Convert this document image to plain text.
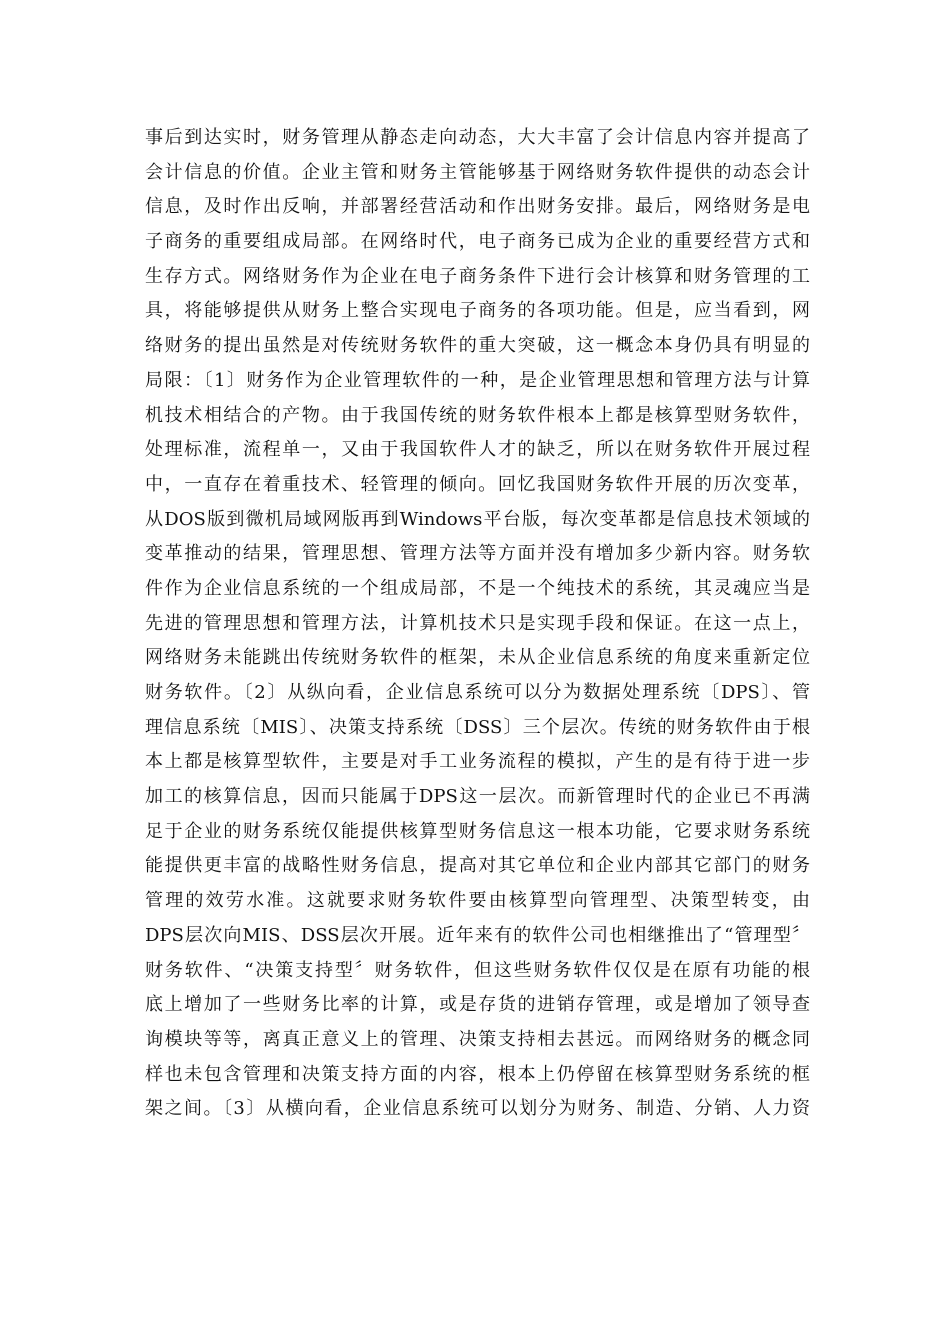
事后到达实时，财务管理从静态走向动态，大大丰富了会计信息内容并提高了
会计信息的价值。企业主管和财务主管能够基于网络财务软件提供的动态会计
信息，及时作出反响，并部署经营活动和作出财务安排。最后，网络财务是电
子商务的重要组成局部。在网络时代，电子商务已成为企业的重要经营方式和
生存方式。网络财务作为企业在电子商务条件下进行会计核算和财务管理的工
具，将能够提供从财务上整合实现电子商务的各项功能。但是，应当看到，网
络财务的提出虽然是对传统财务软件的重大突破，这一概念本身仍具有明显的
局限：〔1〕财务作为企业管理软件的一种，是企业管理思想和管理方法与计算
机技术相结合的产物。由于我国传统的财务软件根本上都是核算型财务软件，
处理标准，流程单一，又由于我国软件人才的缺乏，所以在财务软件开展过程
中，一直存在着重技术、轻管理的倾向。回忆我国财务软件开展的历次变革，
从DOS版到微机局域网版再到Windows平台版，每次变革都是信息技术领域的
变革推动的结果，管理思想、管理方法等方面并没有增加多少新内容。财务软
件作为企业信息系统的一个组成局部，不是一个纯技术的系统，其灵魂应当是
先进的管理思想和管理方法，计算机技术只是实现手段和保证。在这一点上，
网络财务未能跳出传统财务软件的框架，未从企业信息系统的角度来重新定位
财务软件。〔2〕从纵向看，企业信息系统可以分为数据处理系统〔DPS〕、管
理信息系统〔MIS〕、决策支持系统〔DSS〕三个层次。传统的财务软件由于根
本上都是核算型软件，主要是对手工业务流程的模拟，产生的是有待于进一步
加工的核算信息，因而只能属于DPS这一层次。而新管理时代的企业已不再满
足于企业的财务系统仅能提供核算型财务信息这一根本功能，它要求财务系统
能提供更丰富的战略性财务信息，提高对其它单位和企业内部其它部门的财务
管理的效劳水准。这就要求财务软件要由核算型向管理型、决策型转变，由
DPS层次向MIS、DSS层次开展。近年来有的软件公司也相继推出了“管理型〞
财务软件、“决策支持型〞财务软件，但这些财务软件仅仅是在原有功能的根
底上增加了一些财务比率的计算，或是存货的进销存管理，或是增加了领导查
询模块等等，离真正意义上的管理、决策支持相去甚远。而网络财务的概念同
样也未包含管理和决策支持方面的内容，根本上仍停留在核算型财务系统的框
架之间。〔3〕从横向看，企业信息系统可以划分为财务、制造、分销、人力资
